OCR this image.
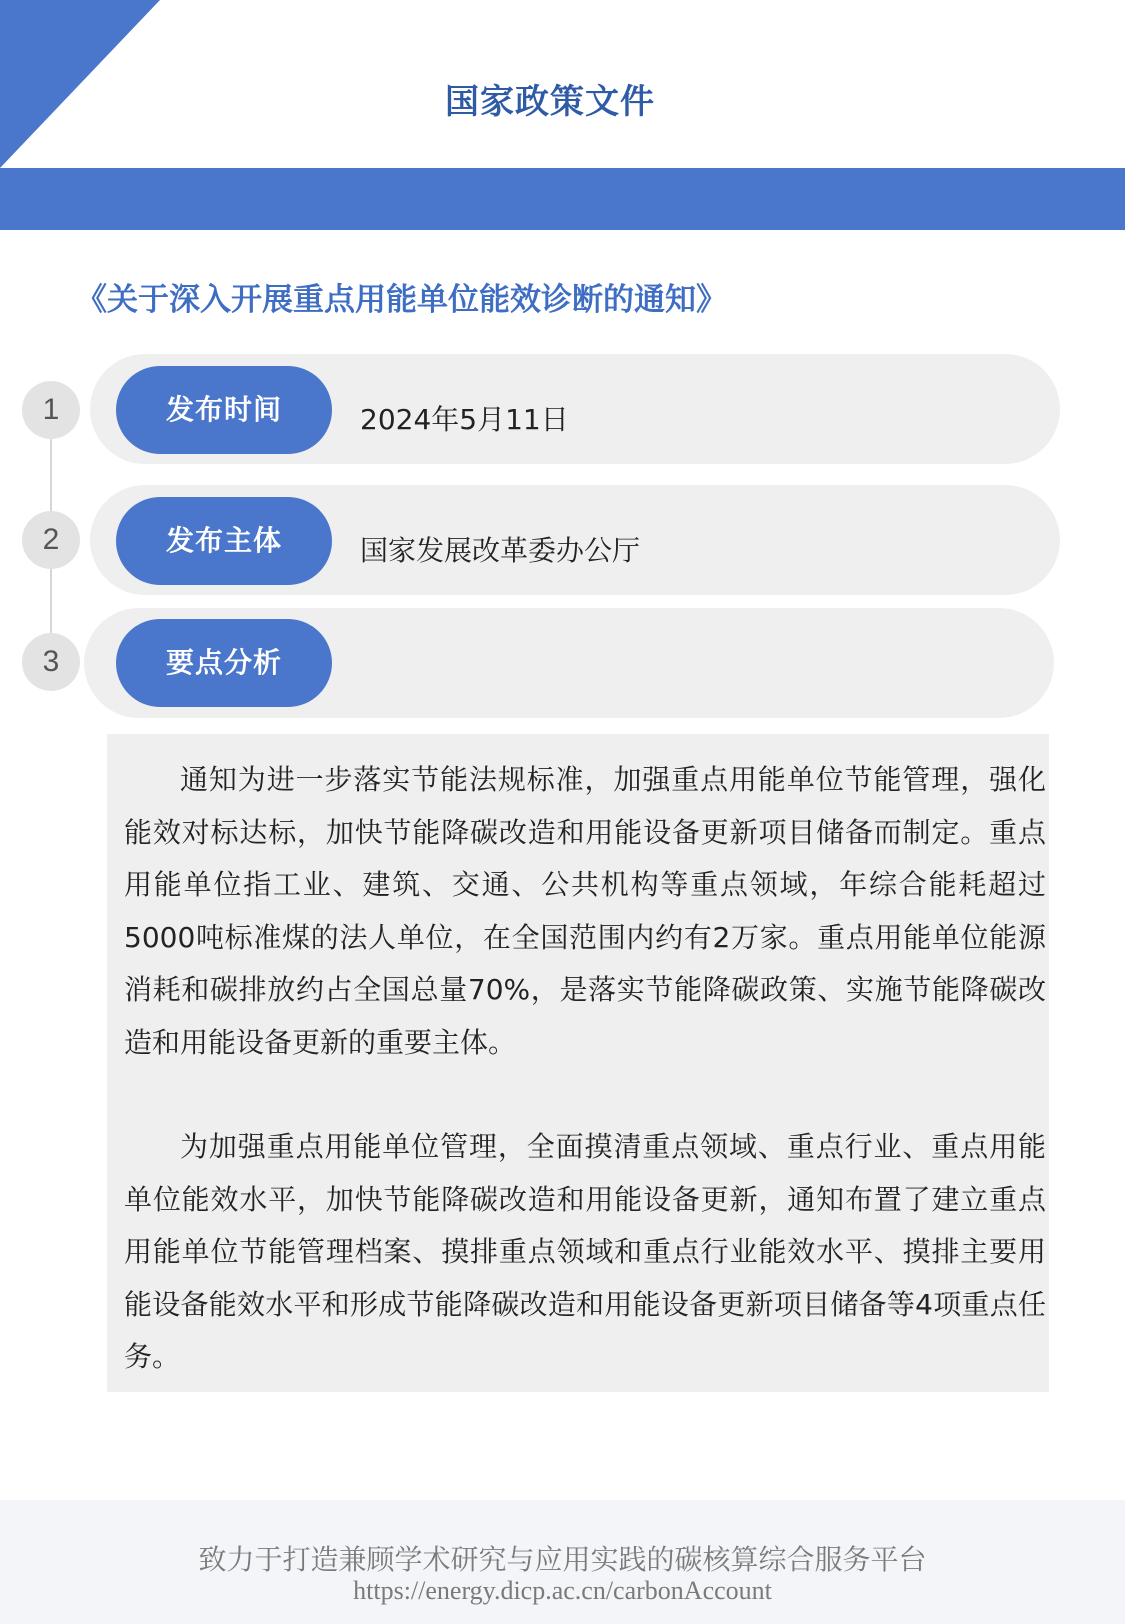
国家政策文件
《关于深入开展重点用能单位能效诊断的通知》
1	发布时间	2024年5月11日
2	发布主体	国家发展改革委办公厅
3	要点分析

通知为进一步落实节能法规标准，加强重点用能单位节能管理，强化能效对标达标，加快节能降碳改造和用能设备更新项目储备而制定。重点用能单位指工业、建筑、交通、公共机构等重点领域，年综合能耗超过5000吨标准煤的法人单位，在全国范围内约有2万家。重点用能单位能源消耗和碳排放约占全国总量70%，是落实节能降碳政策、实施节能降碳改造和用能设备更新的重要主体。

为加强重点用能单位管理，全面摸清重点领域、重点行业、重点用能单位能效水平，加快节能降碳改造和用能设备更新，通知布置了建立重点用能单位节能管理档案、摸排重点领域和重点行业能效水平、摸排主要用能设备能效水平和形成节能降碳改造和用能设备更新项目储备等4项重点任务。

致力于打造兼顾学术研究与应用实践的碳核算综合服务平台
https://energy.dicp.ac.cn/carbonAccount
